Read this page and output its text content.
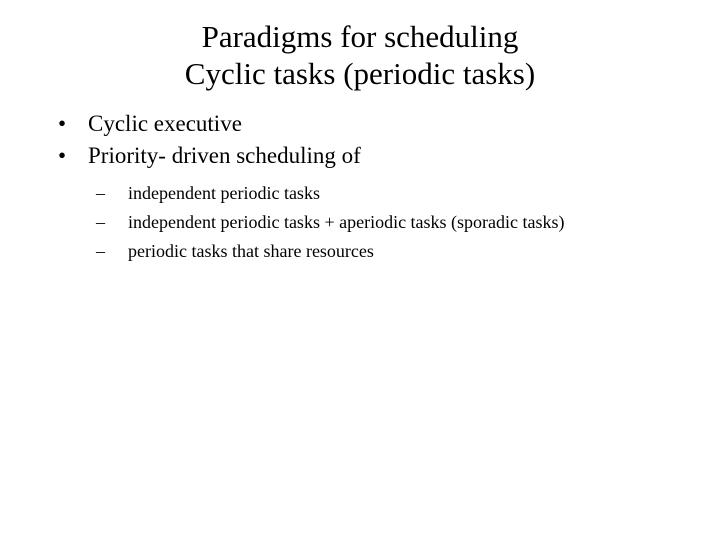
Paradigms for scheduling
Cyclic tasks (periodic tasks)
• Cyclic executive
• Priority- driven scheduling of
– independent periodic tasks
– independent periodic tasks + aperiodic tasks (sporadic tasks)
– periodic tasks that share resources
